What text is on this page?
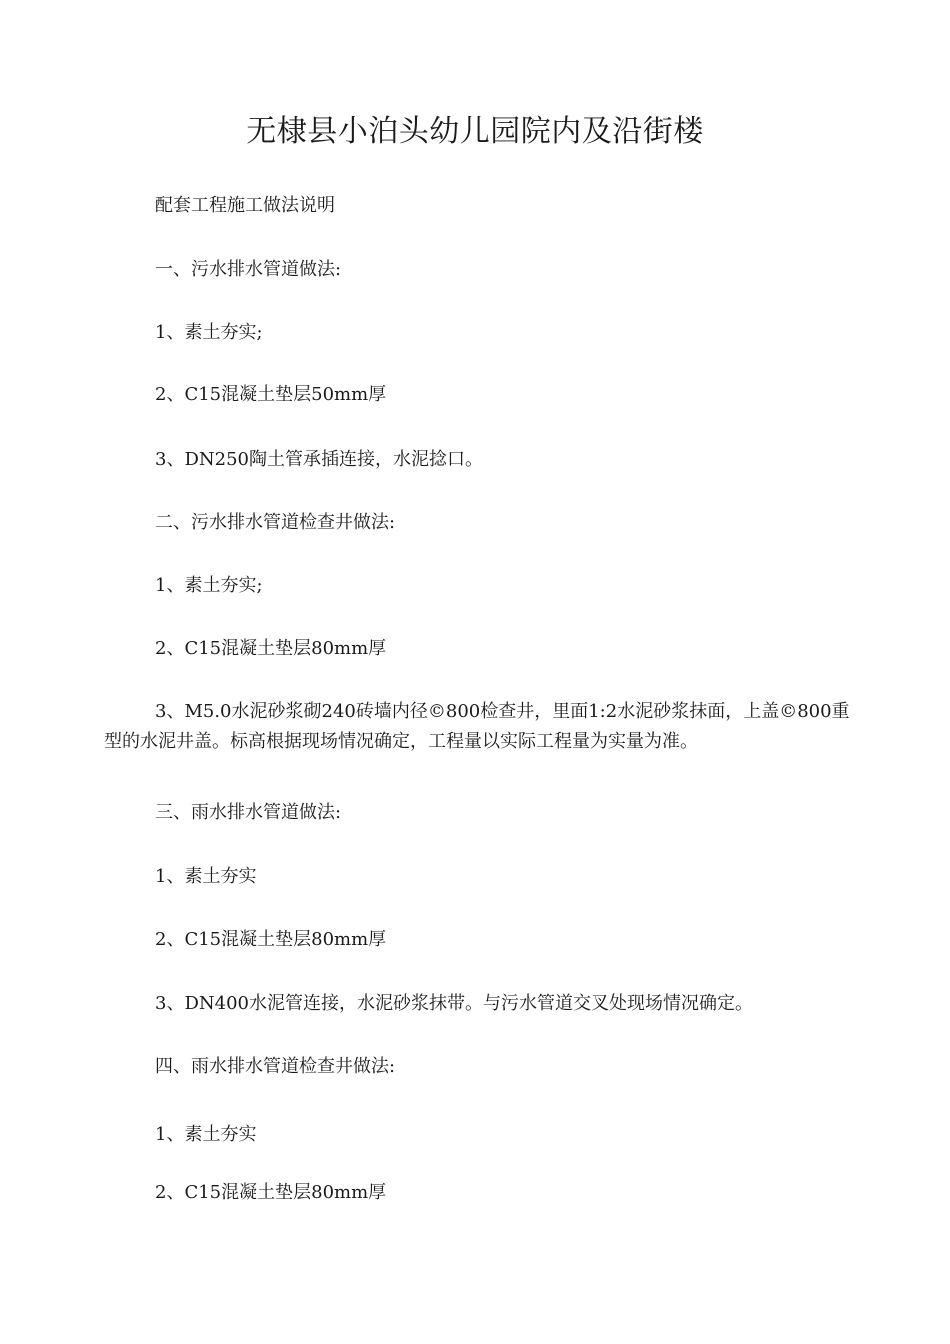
无棣县小泊头幼儿园院内及沿街楼

配套工程施工做法说明

一、污水排水管道做法:

1、素土夯实;

2、C15混凝土垫层50mm厚

3、DN250陶土管承插连接，水泥捻口。

二、污水排水管道检查井做法:

1、素土夯实;

2、C15混凝土垫层80mm厚

3、M5.0水泥砂浆砌240砖墙内径©800检查井，里面1:2水泥砂浆抹面，上盖©800重型的水泥井盖。标高根据现场情况确定，工程量以实际工程量为实量为准。

三、雨水排水管道做法:

1、素土夯实

2、C15混凝土垫层80mm厚

3、DN400水泥管连接，水泥砂浆抹带。与污水管道交叉处现场情况确定。

四、雨水排水管道检查井做法:

1、素土夯实

2、C15混凝土垫层80mm厚
